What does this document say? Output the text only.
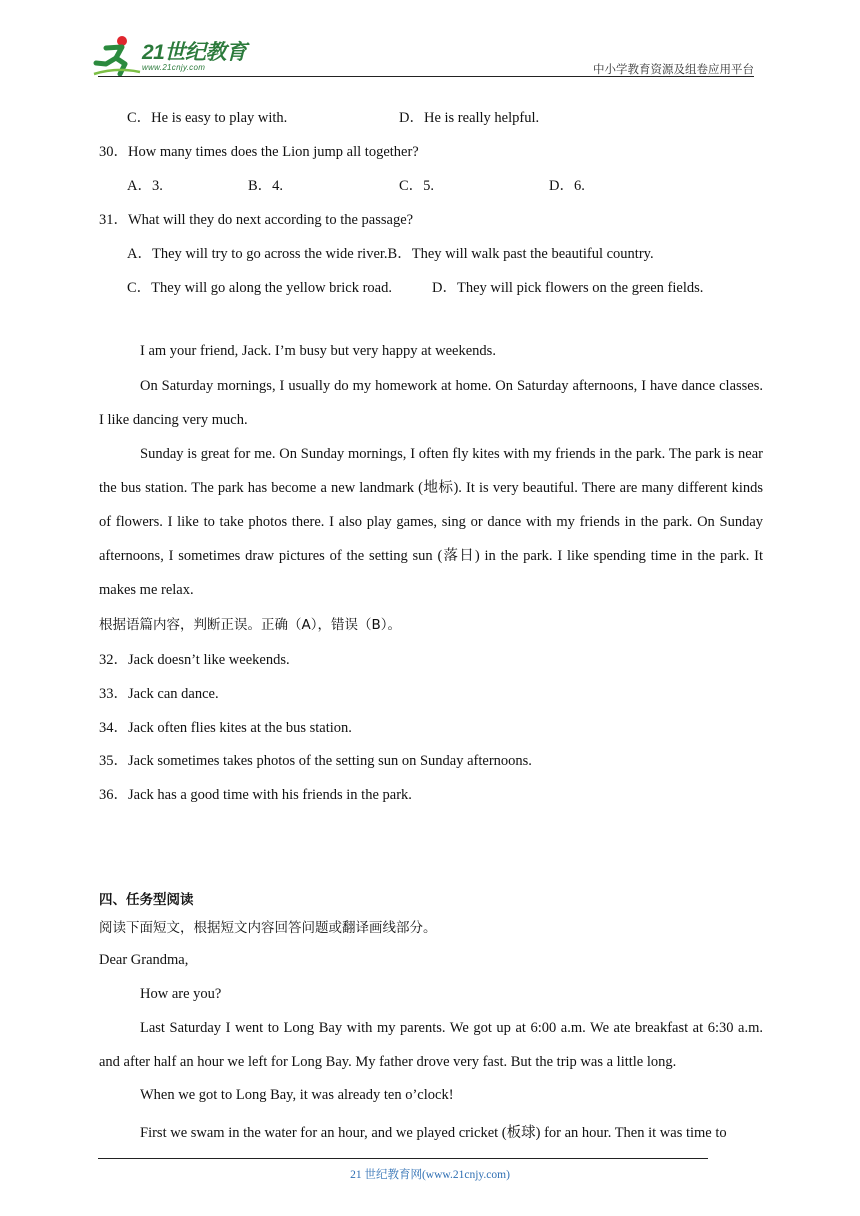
21世纪教育
www.21cnjy.com	中小学教育资源及组卷应用平台
C．He is easy to play with.	D．He is really helpful.
30．How many times does the Lion jump all together?
A．3.	B．4.	C．5.	D．6.
31．What will they do next according to the passage?
A．They will try to go across the wide river.B．They will walk past the beautiful country.
C．They will go along the yellow brick road.	D．They will pick flowers on the green fields.
I am your friend, Jack. I’m busy but very happy at weekends.
On Saturday mornings, I usually do my homework at home. On Saturday afternoons, I have dance classes. I like dancing very much.
Sunday is great for me. On Sunday mornings, I often fly kites with my friends in the park. The park is near the bus station. The park has become a new landmark (地标). It is very beautiful. There are many different kinds of flowers. I like to take photos there. I also play games, sing or dance with my friends in the park. On Sunday afternoons, I sometimes draw pictures of the setting sun (落日) in the park. I like spending time in the park. It makes me relax.
根据语篇内容，判断正误。正确（A），错误（B）。
32．Jack doesn’t like weekends.
33．Jack can dance.
34．Jack often flies kites at the bus station.
35．Jack sometimes takes photos of the setting sun on Sunday afternoons.
36．Jack has a good time with his friends in the park.
四、任务型阅读
阅读下面短文，根据短文内容回答问题或翻译画线部分。
Dear Grandma,
How are you?
Last Saturday I went to Long Bay with my parents. We got up at 6:00 a.m. We ate breakfast at 6:30 a.m. and after half an hour we left for Long Bay. My father drove very fast. But the trip was a little long.
When we got to Long Bay, it was already ten o’clock!
First we swam in the water for an hour, and we played cricket (板球) for an hour. Then it was time to
21 世纪教育网(www.21cnjy.com)
